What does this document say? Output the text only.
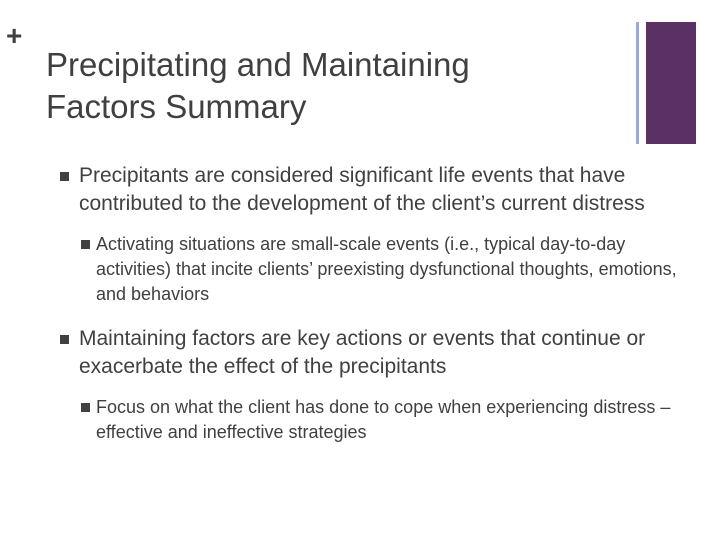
+
Precipitating and Maintaining
Factors Summary
Precipitants are considered significant life events that have contributed to the development of the client’s current distress
Activating situations are small-scale events (i.e., typical day-to-day activities) that incite clients’ preexisting dysfunctional thoughts, emotions, and behaviors
Maintaining factors are key actions or events that continue or exacerbate the effect of the precipitants
Focus on what the client has done to cope when experiencing distress – effective and ineffective strategies
